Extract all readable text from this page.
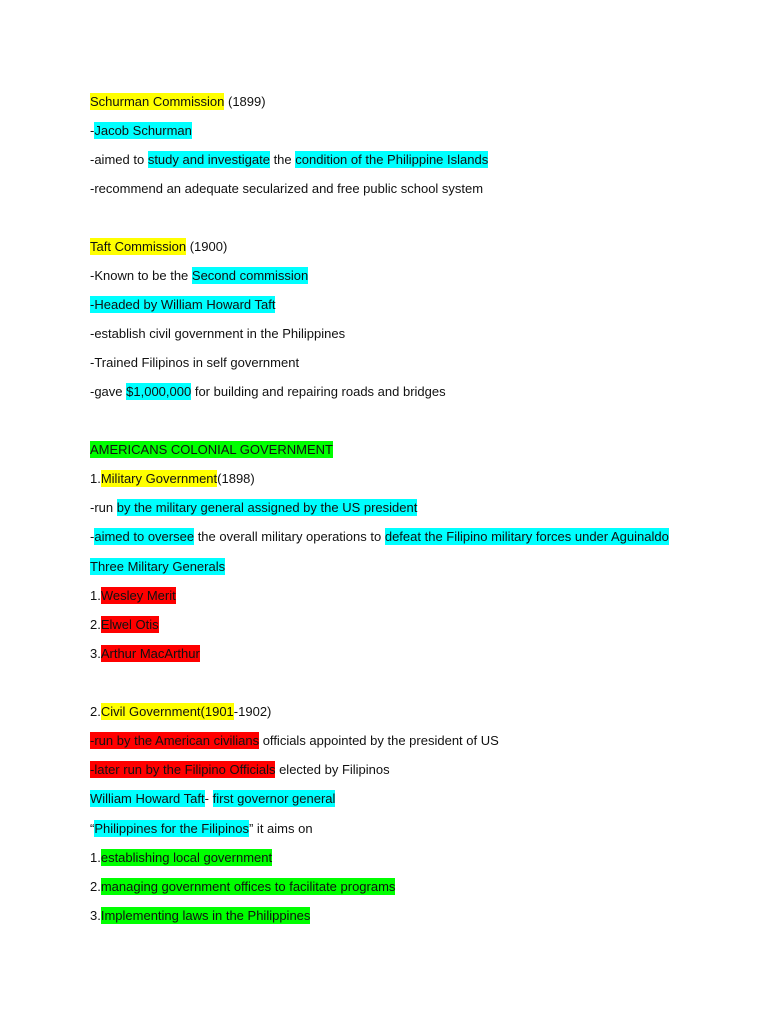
Schurman Commission (1899)
-Jacob Schurman
-aimed to study and investigate the condition of the Philippine Islands
-recommend an adequate secularized and free public school system
Taft Commission (1900)
-Known to be the Second commission
-Headed by William Howard Taft
-establish civil government in the Philippines
-Trained Filipinos in self government
-gave $1,000,000 for building and repairing roads and bridges
AMERICANS COLONIAL GOVERNMENT
1.Military Government(1898)
-run by the military general assigned by the US president
-aimed to oversee the overall military operations to defeat the Filipino military forces under Aguinaldo
Three Military Generals
1.Wesley Merit
2.Elwel Otis
3.Arthur MacArthur
2.Civil Government(1901-1902)
-run by the American civilians officials appointed by the president of US
-later run by the Filipino Officials elected by Filipinos
William Howard Taft- first governor general
“Philippines for the Filipinos” it aims on
1.establishing local government
2.managing government offices to facilitate programs
3.Implementing laws in the Philippines
